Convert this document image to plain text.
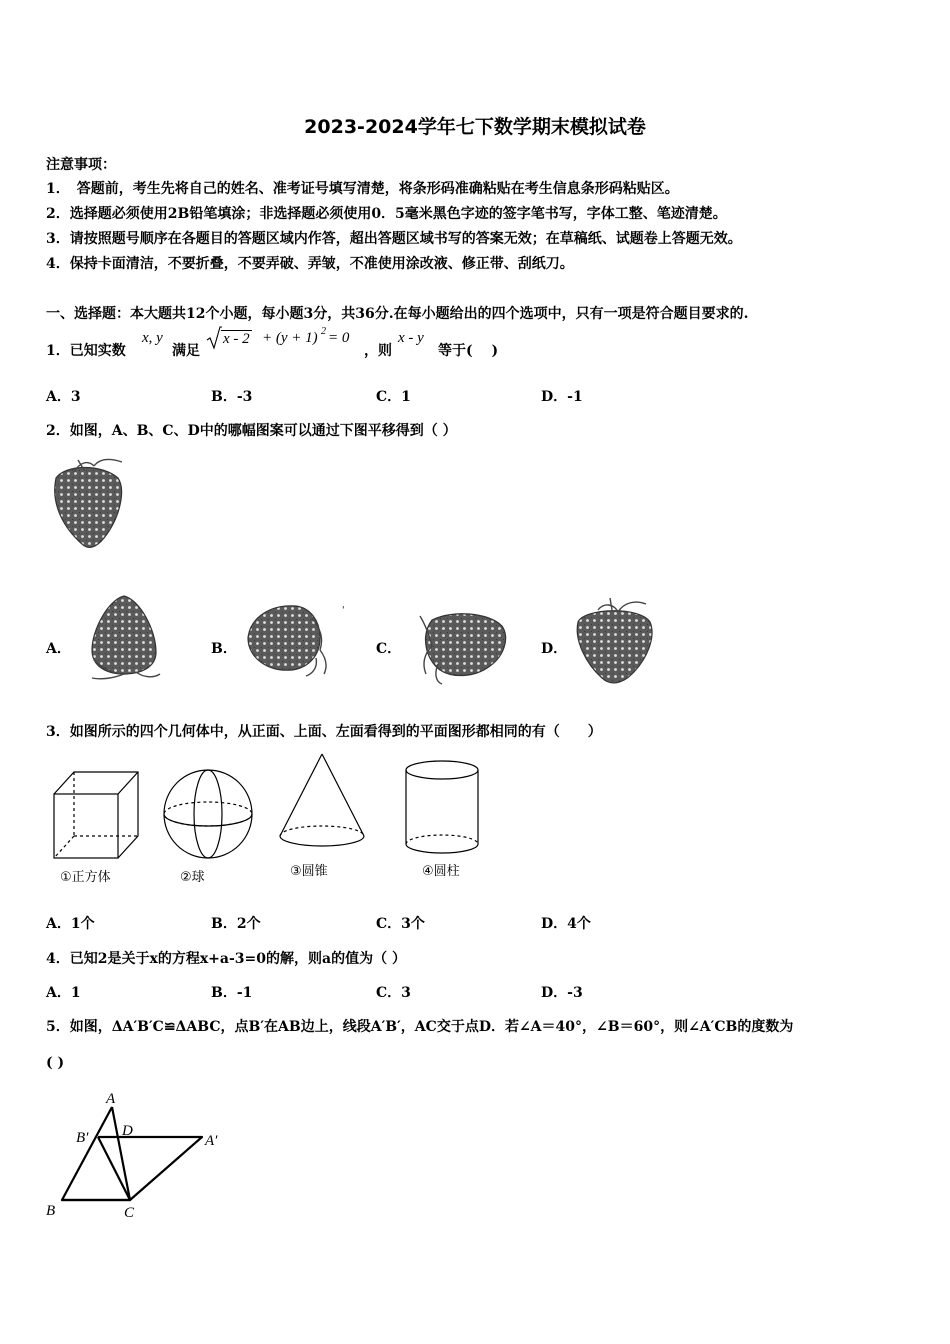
2023-2024学年七下数学期末模拟试卷
注意事项：
1．　答题前，考生先将自己的姓名、准考证号填写清楚，将条形码准确粘贴在考生信息条形码粘贴区。
2．选择题必须使用2B铅笔填涂；非选择题必须使用0．5毫米黑色字迹的签字笔书写，字体工整、笔迹清楚。
3．请按照题号顺序在各题目的答题区域内作答，超出答题区域书写的答案无效；在草稿纸、试题卷上答题无效。
4．保持卡面清洁，不要折叠，不要弄破、弄皱，不准使用涂改液、修正带、刮纸刀。
一、选择题：本大题共12个小题，每小题3分，共36分.在每小题给出的四个选项中，只有一项是符合题目要求的.
1．已知实数
x, y
满足
x - 2 + (y + 1) 2 = 0
，则
x - y
等于(　 )
A．3	B．-3	C．1	D．-1
2．如图，A、B、C、D中的哪幅图案可以通过下图平移得到（ ）
A．	B．
'
C．	D．
3．如图所示的四个几何体中，从正面、上面、左面看得到的平面图形都相同的有（　　）
①正方体	②球	③圆锥	④圆柱
A．1个	B．2个	C．3个	D．4个
4．已知2是关于x的方程x+a-3=0的解，则a的值为（ ）
A．1	B．-1	C．3	D．-3
5．如图，ΔA′B′C≌ΔABC，点B′在AB边上，线段A′B′，AC交于点D．若∠A＝40°，∠B＝60°，则∠A′CB的度数为
( )
A
B′ D
A′
B	C
